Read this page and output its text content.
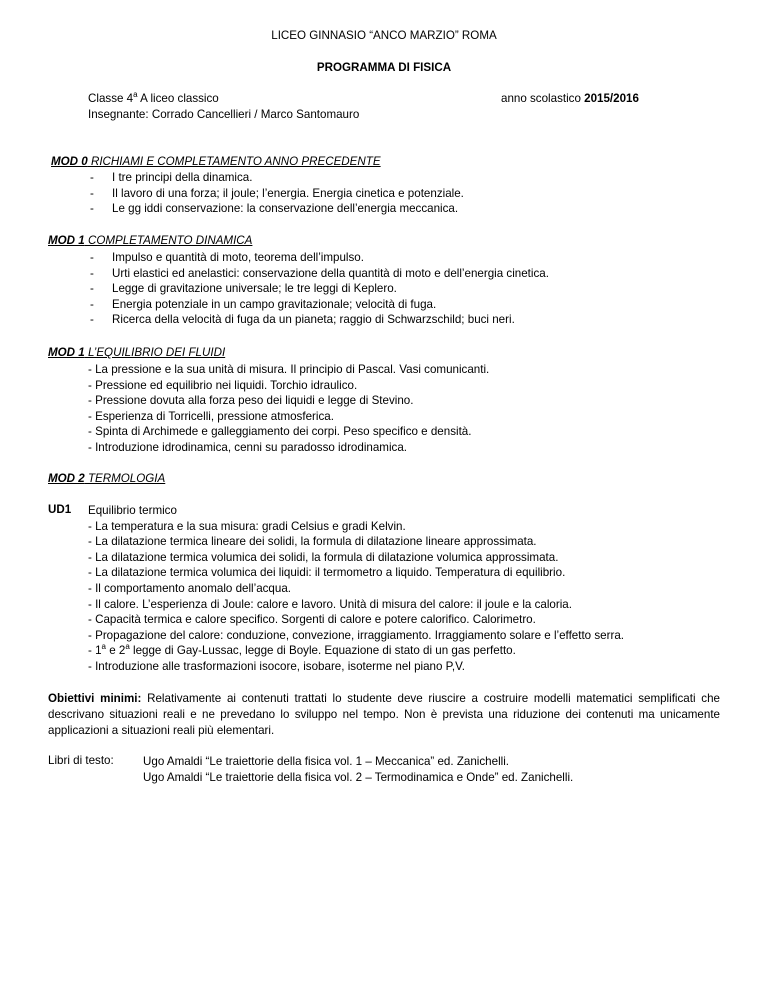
LICEO GINNASIO “ANCO MARZIO” ROMA
PROGRAMMA DI FISICA
Classe 4$^a$ A liceo classico
Insegnante: Corrado Cancellieri / Marco Santomauro
anno scolastico 2015/2016
MOD 0 RICHIAMI E COMPLETAMENTO ANNO PRECEDENTE
- I tre principi della dinamica.
- Il lavoro di una forza; il joule; l’energia. Energia cinetica e potenziale.
- Le gg iddi conservazione: la conservazione dell’energia meccanica.
MOD 1 COMPLETAMENTO DINAMICA
- Impulso e quantità di moto, teorema dell’impulso.
- Urti elastici ed anelastici: conservazione della quantità di moto e dell’energia cinetica.
- Legge di gravitazione universale; le tre leggi di Keplero.
- Energia potenziale in un campo gravitazionale; velocità di fuga.
- Ricerca della velocità di fuga da un pianeta; raggio di Schwarzschild; buci neri.
MOD 1 L’EQUILIBRIO DEI FLUIDI
- La pressione e la sua unità di misura. Il principio di Pascal. Vasi comunicanti.
- Pressione ed equilibrio nei liquidi. Torchio idraulico.
- Pressione dovuta alla forza peso dei liquidi e legge di Stevino.
- Esperienza di Torricelli, pressione atmosferica.
- Spinta di Archimede e galleggiamento dei corpi. Peso specifico e densità.
- Introduzione idrodinamica, cenni su paradosso idrodinamica.
MOD 2 TERMOLOGIA
UD1 Equilibrio termico
- La temperatura e la sua misura: gradi Celsius e gradi Kelvin.
- La dilatazione termica lineare dei solidi, la formula di dilatazione lineare approssimata.
- La dilatazione termica volumica dei solidi, la formula di dilatazione volumica approssimata.
- La dilatazione termica volumica dei liquidi: il termometro a liquido. Temperatura di equilibrio.
- Il comportamento anomalo dell’acqua.
- Il calore. L’esperienza di Joule: calore e lavoro. Unità di misura del calore: il joule e la caloria.
- Capacità termica e calore specifico. Sorgenti di calore e potere calorifico. Calorimetro.
- Propagazione del calore: conduzione, convezione, irraggiamento. Irraggiamento solare e l’effetto serra.
- 1$^a$ e 2$^a$ legge di Gay-Lussac, legge di Boyle. Equazione di stato di un gas perfetto.
- Introduzione alle trasformazioni isocore, isobare, isoterme nel piano P,V.
Obiettivi minimi: Relativamente ai contenuti trattati lo studente deve riuscire a costruire modelli matematici semplificati che descrivano situazioni reali e ne prevedano lo sviluppo nel tempo. Non è prevista una riduzione dei contenuti ma unicamente applicazioni a situazioni reali più elementari.
Libri di testo:	Ugo Amaldi “Le traiettorie della fisica vol. 1 – Meccanica” ed. Zanichelli.
Ugo Amaldi “Le traiettorie della fisica vol. 2 – Termodinamica e Onde” ed. Zanichelli.
